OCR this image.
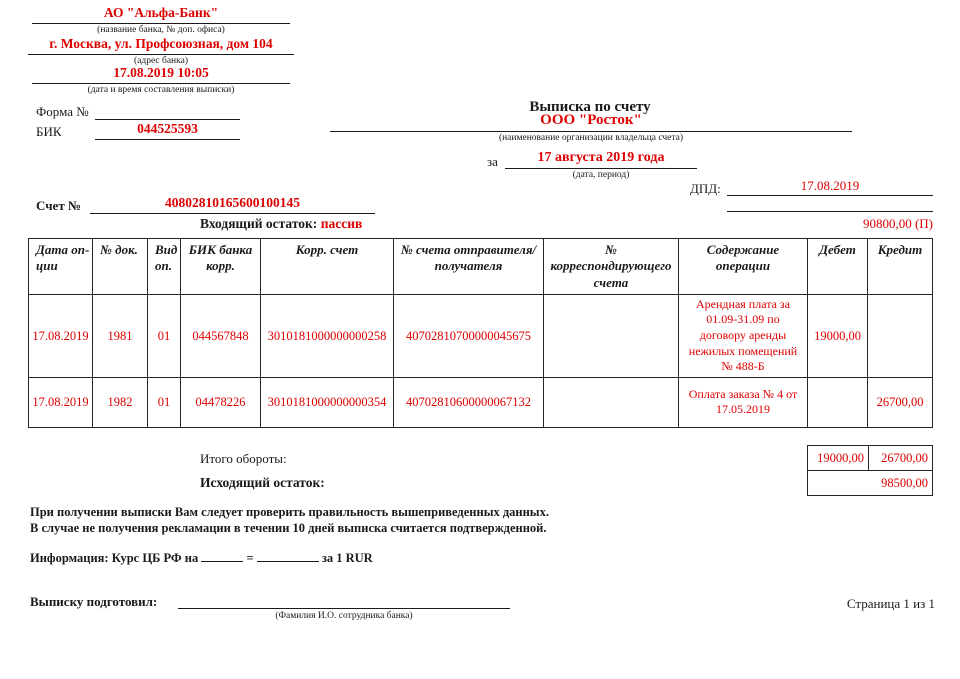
АО "Альфа-Банк"
(название банка, № доп. офиса)
г. Москва, ул. Профсоюзная, дом 104
(адрес банка)
17.08.2019 10:05
(дата и время составления выписки)
Форма №
БИК	044525593
Счет №	40802810165600100145
Выписка по счету
ООО "Росток"
(наименование организации владельца счета)
за	17 августа 2019 года
(дата, период)
ДПД:	17.08.2019
Входящий остаток: пассив	90800,00 (П)
Дата оп-ции	№ док.	Вид оп.	БИК банка корр.	Корр. счет	№ счета отправителя/ получателя	№ корреспондирующего счета	Содержание операции	Дебет	Кредит
17.08.2019	1981	01	044567848	3010181000000000258	40702810700000045675		Арендная плата за 01.09-31.09 по договору аренды нежилых помещений № 488-Б	19000,00	
17.08.2019	1982	01	04478226	3010181000000000354	40702810600000067132		Оплата заказа № 4 от 17.05.2019		26700,00
Итого обороты:
Исходящий остаток:
19000,00	26700,00
98500,00
При получении выписки Вам следует проверить правильность вышеприведенных данных.
В случае не получения рекламации в течении 10 дней выписка считается подтвержденной.
Информация: Курс ЦБ РФ на	=	за 1 RUR
Выписку подготовил:
(Фамилия И.О. сотрудника банка)
Страница 1 из 1
